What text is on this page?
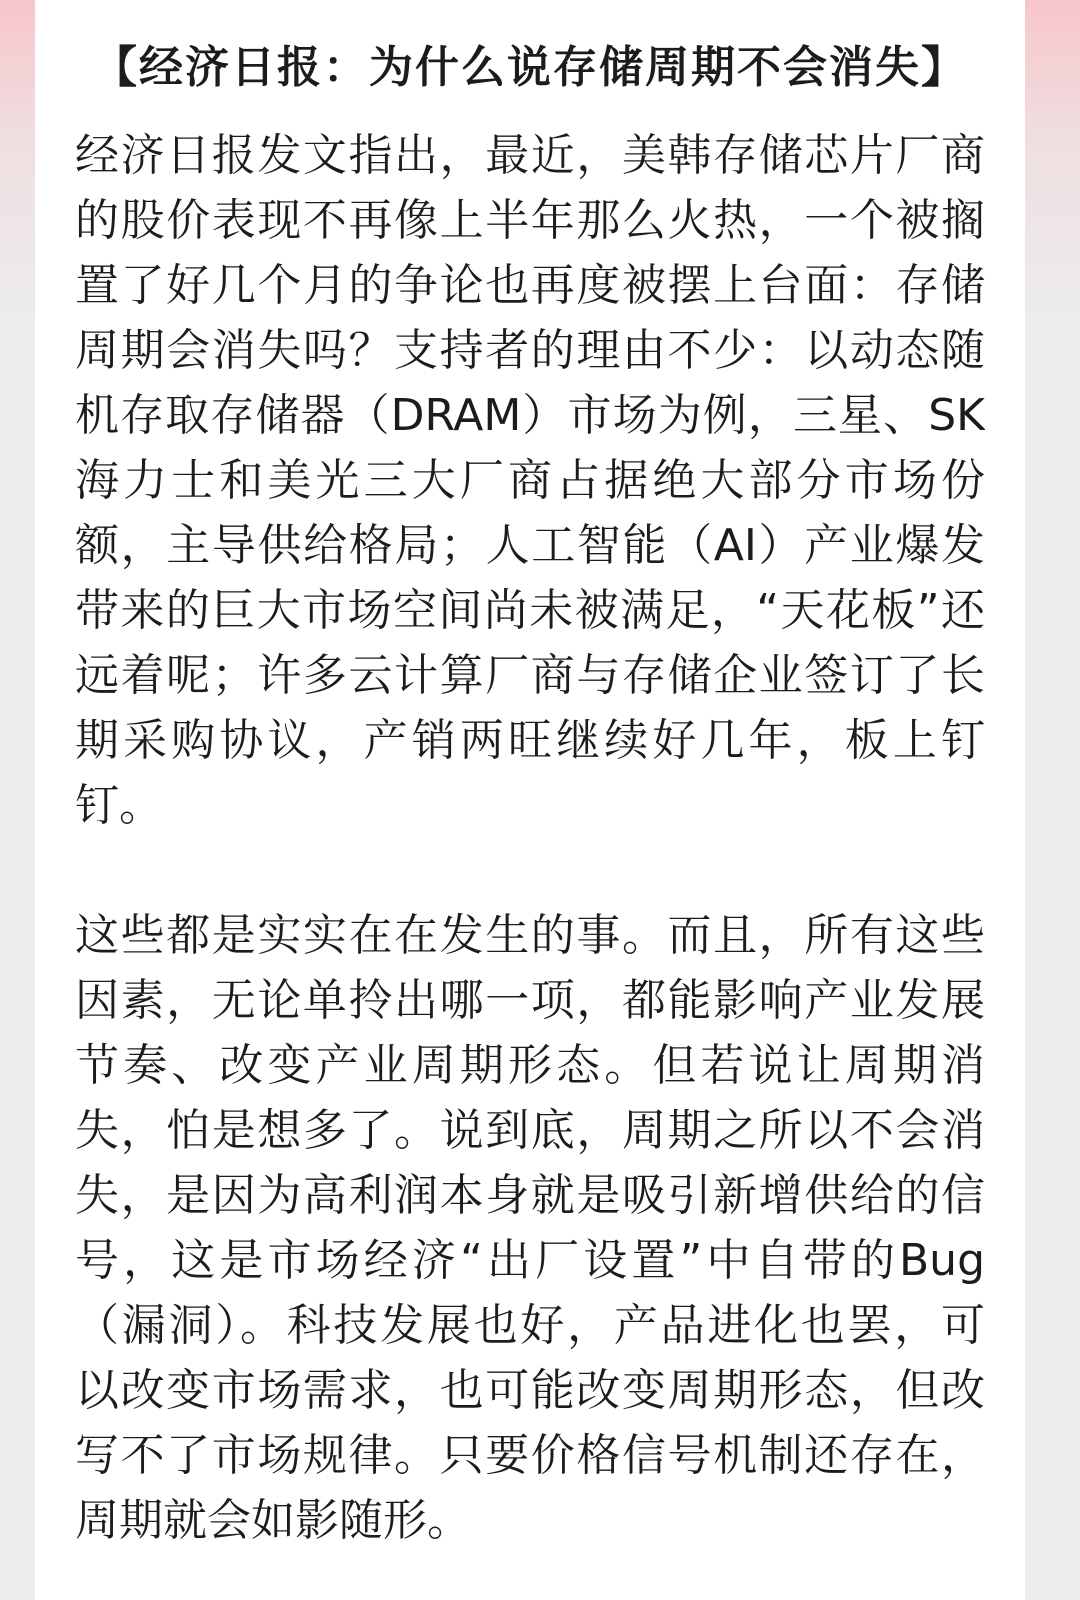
【经济日报：为什么说存储周期不会消失】
经济日报发文指出，最近，美韩存储芯片厂商
的股价表现不再像上半年那么火热，一个被搁
置了好几个月的争论也再度被摆上台面：存储
周期会消失吗？支持者的理由不少：以动态随
机存取存储器（DRAM）市场为例，三星、SK
海力士和美光三大厂商占据绝大部分市场份
额，主导供给格局；人工智能（AI）产业爆发
带来的巨大市场空间尚未被满足，“天花板”还
远着呢；许多云计算厂商与存储企业签订了长
期采购协议，产销两旺继续好几年，板上钉
钉。
这些都是实实在在发生的事。而且，所有这些
因素，无论单拎出哪一项，都能影响产业发展
节奏、改变产业周期形态。但若说让周期消
失，怕是想多了。说到底，周期之所以不会消
失，是因为高利润本身就是吸引新增供给的信
号，这是市场经济“出厂设置”中自带的Bug
（漏洞）。科技发展也好，产品进化也罢，可
以改变市场需求，也可能改变周期形态，但改
写不了市场规律。只要价格信号机制还存在，
周期就会如影随形。
